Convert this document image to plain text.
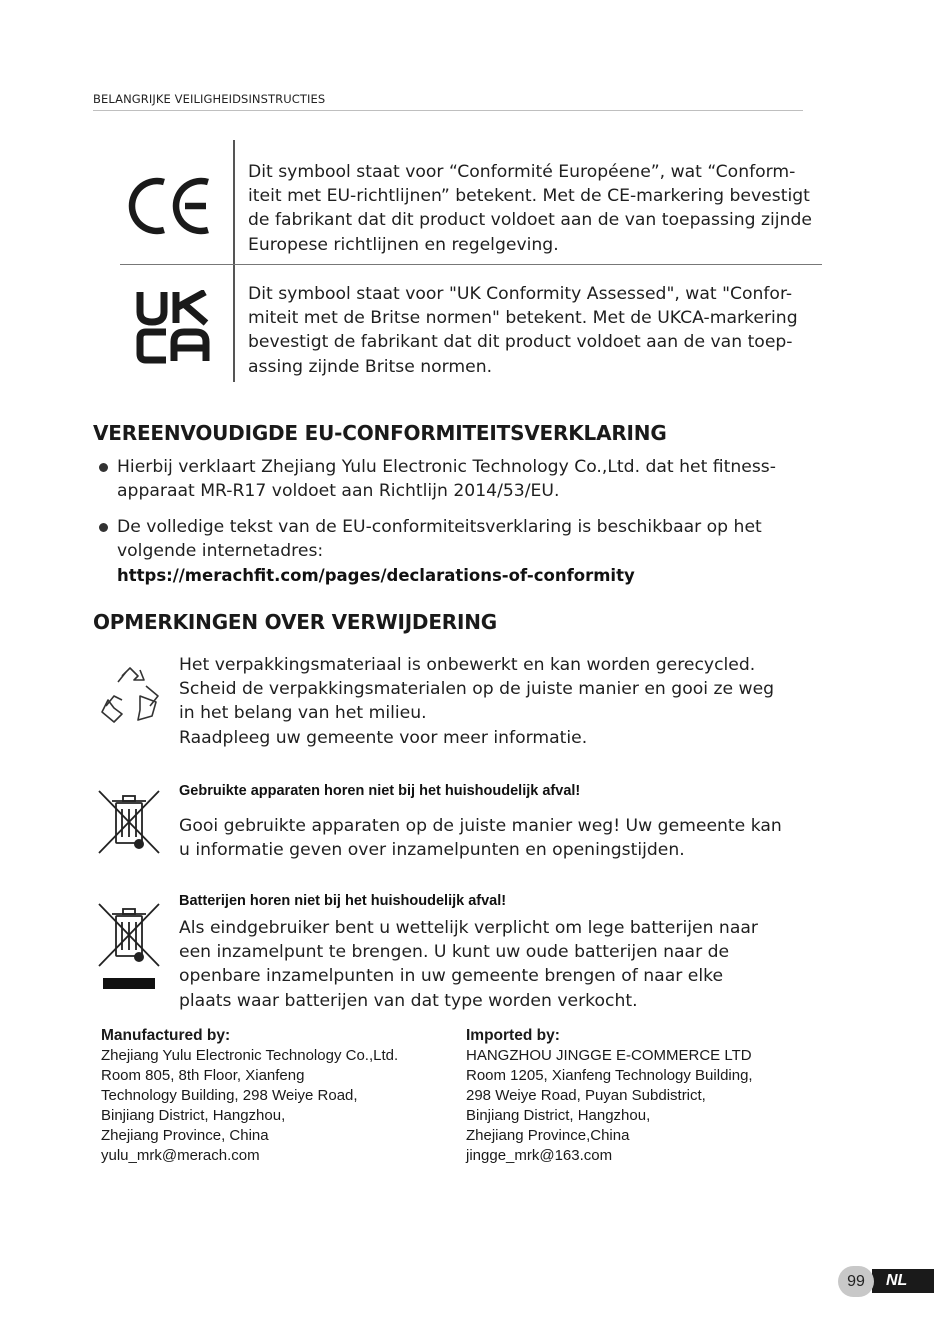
BELANGRIJKE VEILIGHEIDSINSTRUCTIES
Dit symbool staat voor “Conformité Européene”, wat “Conform-
iteit met EU-richtlijnen” betekent. Met de CE-markering bevestigt
de fabrikant dat dit product voldoet aan de van toepassing zijnde
Europese richtlijnen en regelgeving.
Dit symbool staat voor "UK Conformity Assessed", wat "Confor-
miteit met de Britse normen" betekent. Met de UKCA-markering
bevestigt de fabrikant dat dit product voldoet aan de van toep-
assing zijnde Britse normen.
VEREENVOUDIGDE EU-CONFORMITEITSVERKLARING
Hierbij verklaart Zhejiang Yulu Electronic Technology Co.,Ltd. dat het fitness-
apparaat MR-R17 voldoet aan Richtlijn 2014/53/EU.
De volledige tekst van de EU-conformiteitsverklaring is beschikbaar op het
volgende internetadres:
https://merachfit.com/pages/declarations-of-conformity
OPMERKINGEN OVER VERWIJDERING
Het verpakkingsmateriaal is onbewerkt en kan worden gerecycled.
Scheid de verpakkingsmaterialen op de juiste manier en gooi ze weg
in het belang van het milieu.
Raadpleeg uw gemeente voor meer informatie.
Gebruikte apparaten horen niet bij het huishoudelijk afval!
Gooi gebruikte apparaten op de juiste manier weg! Uw gemeente kan
u informatie geven over inzamelpunten en openingstijden.
Batterijen horen niet bij het huishoudelijk afval!
Als eindgebruiker bent u wettelijk verplicht om lege batterijen naar
een inzamelpunt te brengen. U kunt uw oude batterijen naar de
openbare inzamelpunten in uw gemeente brengen of naar elke
plaats waar batterijen van dat type worden verkocht.
Manufactured by:
Zhejiang Yulu Electronic Technology Co.,Ltd.
Room 805, 8th Floor, Xianfeng
Technology Building, 298 Weiye Road,
Binjiang District, Hangzhou,
Zhejiang Province, China
yulu_mrk@merach.com
Imported by:
HANGZHOU JINGGE E-COMMERCE LTD
Room 1205, Xianfeng Technology Building,
298 Weiye Road, Puyan Subdistrict,
Binjiang District, Hangzhou,
Zhejiang Province,China
jingge_mrk@163.com
NL
99
